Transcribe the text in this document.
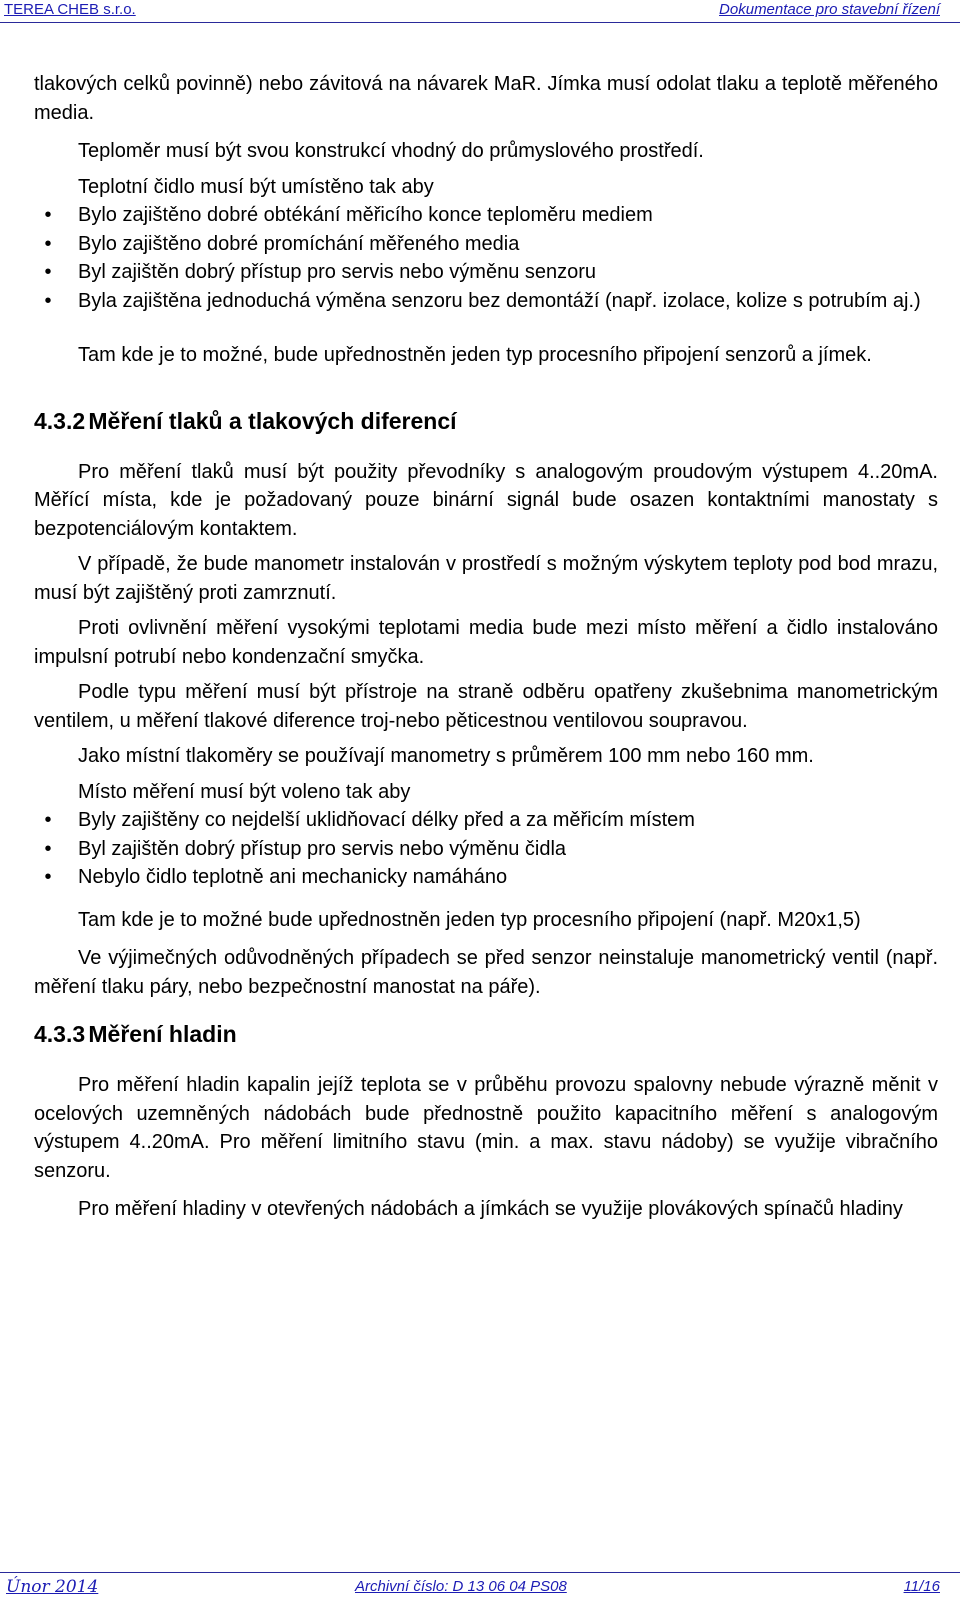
TEREA CHEB s.r.o.	Dokumentace pro stavební řízení

tlakových celků povinně) nebo závitová na návarek MaR. Jímka musí odolat tlaku a teplotě měřeného media.

Teploměr musí být svou konstrukcí vhodný do průmyslového prostředí.

Teplotní čidlo musí být umístěno tak aby

•	Bylo zajištěno dobré obtékání měřicího konce teploměru mediem
•	Bylo zajištěno dobré promíchání měřeného media
•	Byl zajištěn dobrý přístup pro servis nebo výměnu senzoru
•	Byla zajištěna jednoduchá výměna senzoru bez demontáží (např. izolace, kolize s potrubím aj.)

Tam kde je to možné, bude upřednostněn jeden typ procesního připojení senzorů a jímek.

4.3.2 Měření tlaků a tlakových diferencí

Pro měření tlaků musí být použity převodníky s analogovým proudovým výstupem 4..20mA. Měřící místa, kde je požadovaný pouze binární signál bude osazen kontaktními manostaty s bezpotenciálovým kontaktem.

V případě, že bude manometr instalován v prostředí s možným výskytem teploty pod bod mrazu, musí být zajištěný proti zamrznutí.

Proti ovlivnění měření vysokými teplotami media bude mezi místo měření a čidlo instalováno impulsní potrubí nebo kondenzační smyčka.

Podle typu měření musí být přístroje na straně odběru opatřeny zkušebnima manometrickým ventilem, u měření tlakové diference troj-nebo pěticestnou ventilovou soupravou.

Jako místní tlakoměry se používají manometry s průměrem 100 mm nebo 160 mm.

Místo měření musí být voleno tak aby

•	Byly zajištěny co nejdelší uklidňovací délky před a za měřicím místem
•	Byl zajištěn dobrý přístup pro servis nebo výměnu čidla
•	Nebylo čidlo teplotně ani mechanicky namáháno

Tam kde je to možné bude upřednostněn jeden typ procesního připojení (např. M20x1,5)

Ve výjimečných odůvodněných případech se před senzor neinstaluje manometrický ventil (např. měření tlaku páry, nebo bezpečnostní manostat na páře).

4.3.3 Měření hladin

Pro měření hladin kapalin jejíž teplota se v průběhu provozu spalovny nebude výrazně měnit v ocelových uzemněných nádobách bude přednostně použito kapacitního měření s analogovým výstupem 4..20mA. Pro měření limitního stavu (min. a max. stavu nádoby) se využije vibračního senzoru.

Pro měření hladiny v otevřených nádobách a jímkách se využije plovákových spínačů hladiny

Únor 2014	Archivní číslo: D 13 06 04 PS08	11/16
